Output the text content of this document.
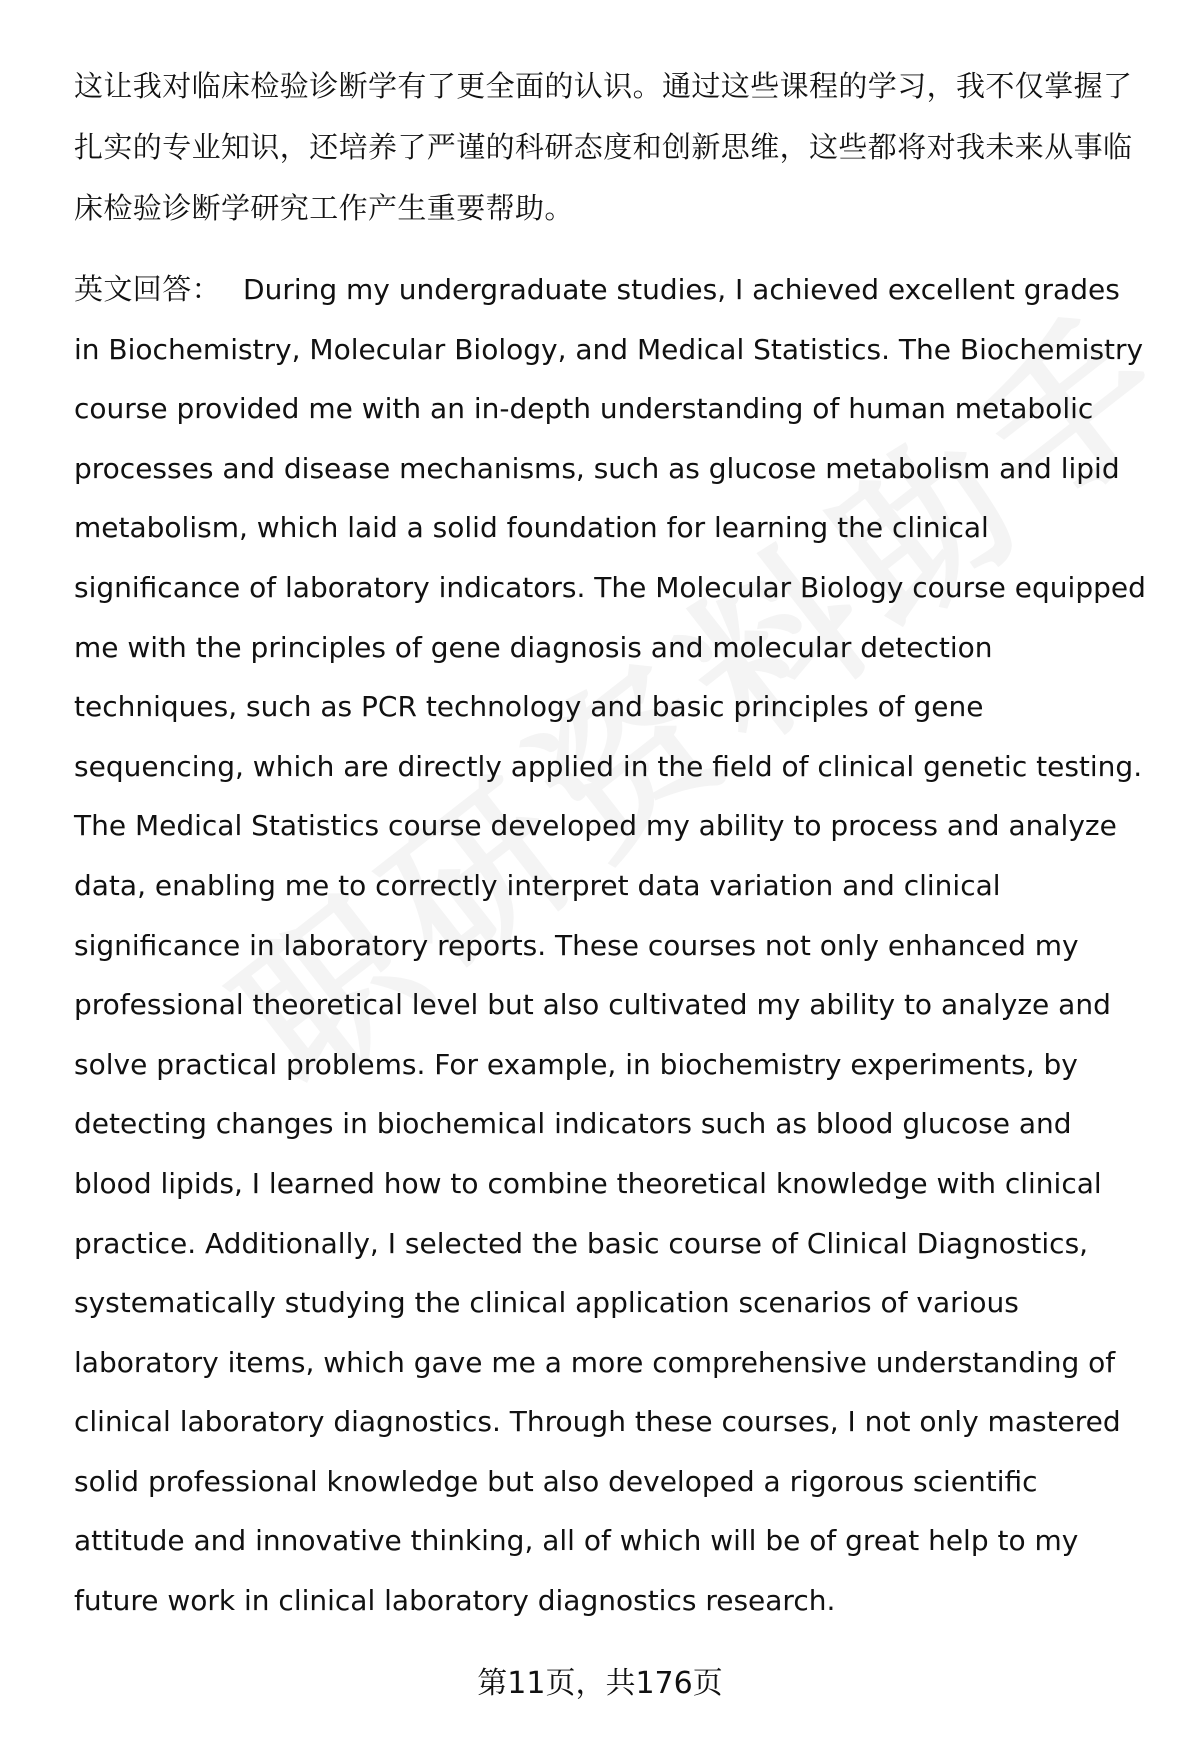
这让我对临床检验诊断学有了更全面的认识。通过这些课程的学习，我不仅掌握了扎实的专业知识，还培养了严谨的科研态度和创新思维，这些都将对我未来从事临床检验诊断学研究工作产生重要帮助。

英文回答： During my undergraduate studies, I achieved excellent grades in Biochemistry, Molecular Biology, and Medical Statistics. The Biochemistry course provided me with an in-depth understanding of human metabolic processes and disease mechanisms, such as glucose metabolism and lipid metabolism, which laid a solid foundation for learning the clinical significance of laboratory indicators. The Molecular Biology course equipped me with the principles of gene diagnosis and molecular detection techniques, such as PCR technology and basic principles of gene sequencing, which are directly applied in the field of clinical genetic testing. The Medical Statistics course developed my ability to process and analyze data, enabling me to correctly interpret data variation and clinical significance in laboratory reports. These courses not only enhanced my professional theoretical level but also cultivated my ability to analyze and solve practical problems. For example, in biochemistry experiments, by detecting changes in biochemical indicators such as blood glucose and blood lipids, I learned how to combine theoretical knowledge with clinical practice. Additionally, I selected the basic course of Clinical Diagnostics, systematically studying the clinical application scenarios of various laboratory items, which gave me a more comprehensive understanding of clinical laboratory diagnostics. Through these courses, I not only mastered solid professional knowledge but also developed a rigorous scientific attitude and innovative thinking, all of which will be of great help to my future work in clinical laboratory diagnostics research.

第11页，共176页
